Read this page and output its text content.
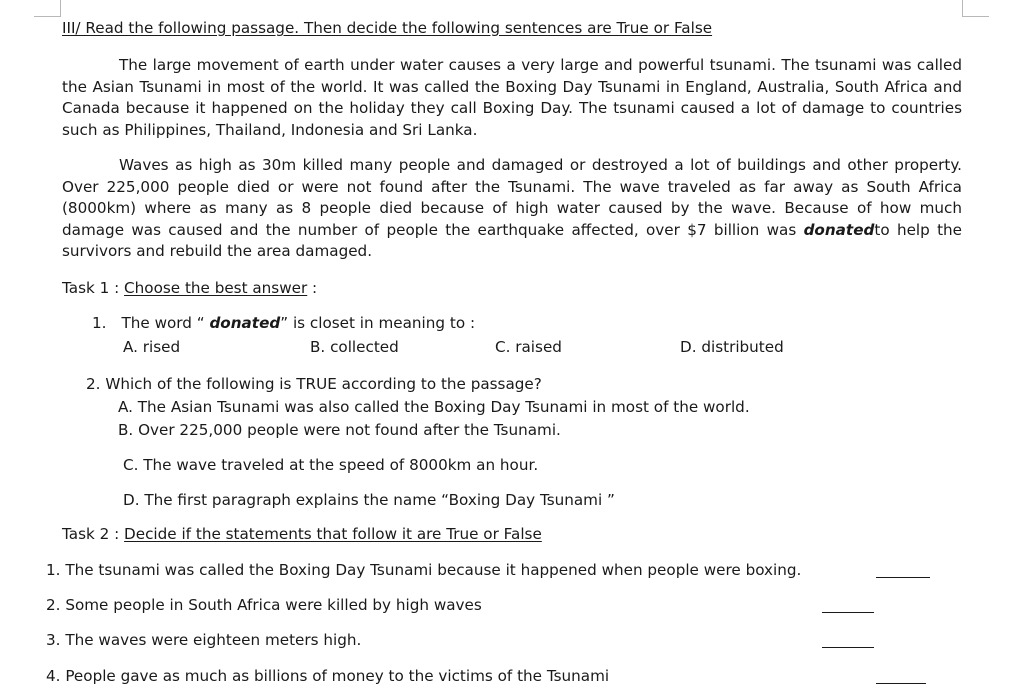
III/ Read the following passage. Then decide the following sentences are True or False

The large movement of earth under water causes a very large and powerful tsunami. The tsunami was called the Asian Tsunami in most of the world. It was called the Boxing Day Tsunami in England, Australia, South Africa and Canada because it happened on the holiday they call Boxing Day. The tsunami caused a lot of damage to countries such as Philippines, Thailand, Indonesia and Sri Lanka.

Waves as high as 30m killed many people and damaged or destroyed a lot of buildings and other property. Over 225,000 people died or were not found after the Tsunami. The wave traveled as far away as South Africa (8000km) where as many as 8 people died because of high water caused by the wave. Because of how much damage was caused and the number of people the earthquake affected, over $7 billion was donatedto help the survivors and rebuild the area damaged.

Task 1 : Choose the best answer :

1. The word “ donated” is closet in meaning to :

A. rised	B. collected	C. raised	D. distributed

2. Which of the following is TRUE according to the passage?

A. The Asian Tsunami was also called the Boxing Day Tsunami in most of the world.

B. Over 225,000 people were not found after the Tsunami.

C. The wave traveled at the speed of 8000km an hour.

D. The first paragraph explains the name “Boxing Day Tsunami ”

Task 2 : Decide if the statements that follow it are True or False

1. The tsunami was called the Boxing Day Tsunami because it happened when people were boxing.

2. Some people in South Africa were killed by high waves

3. The waves were eighteen meters high.

4. People gave as much as billions of money to the victims of the Tsunami
